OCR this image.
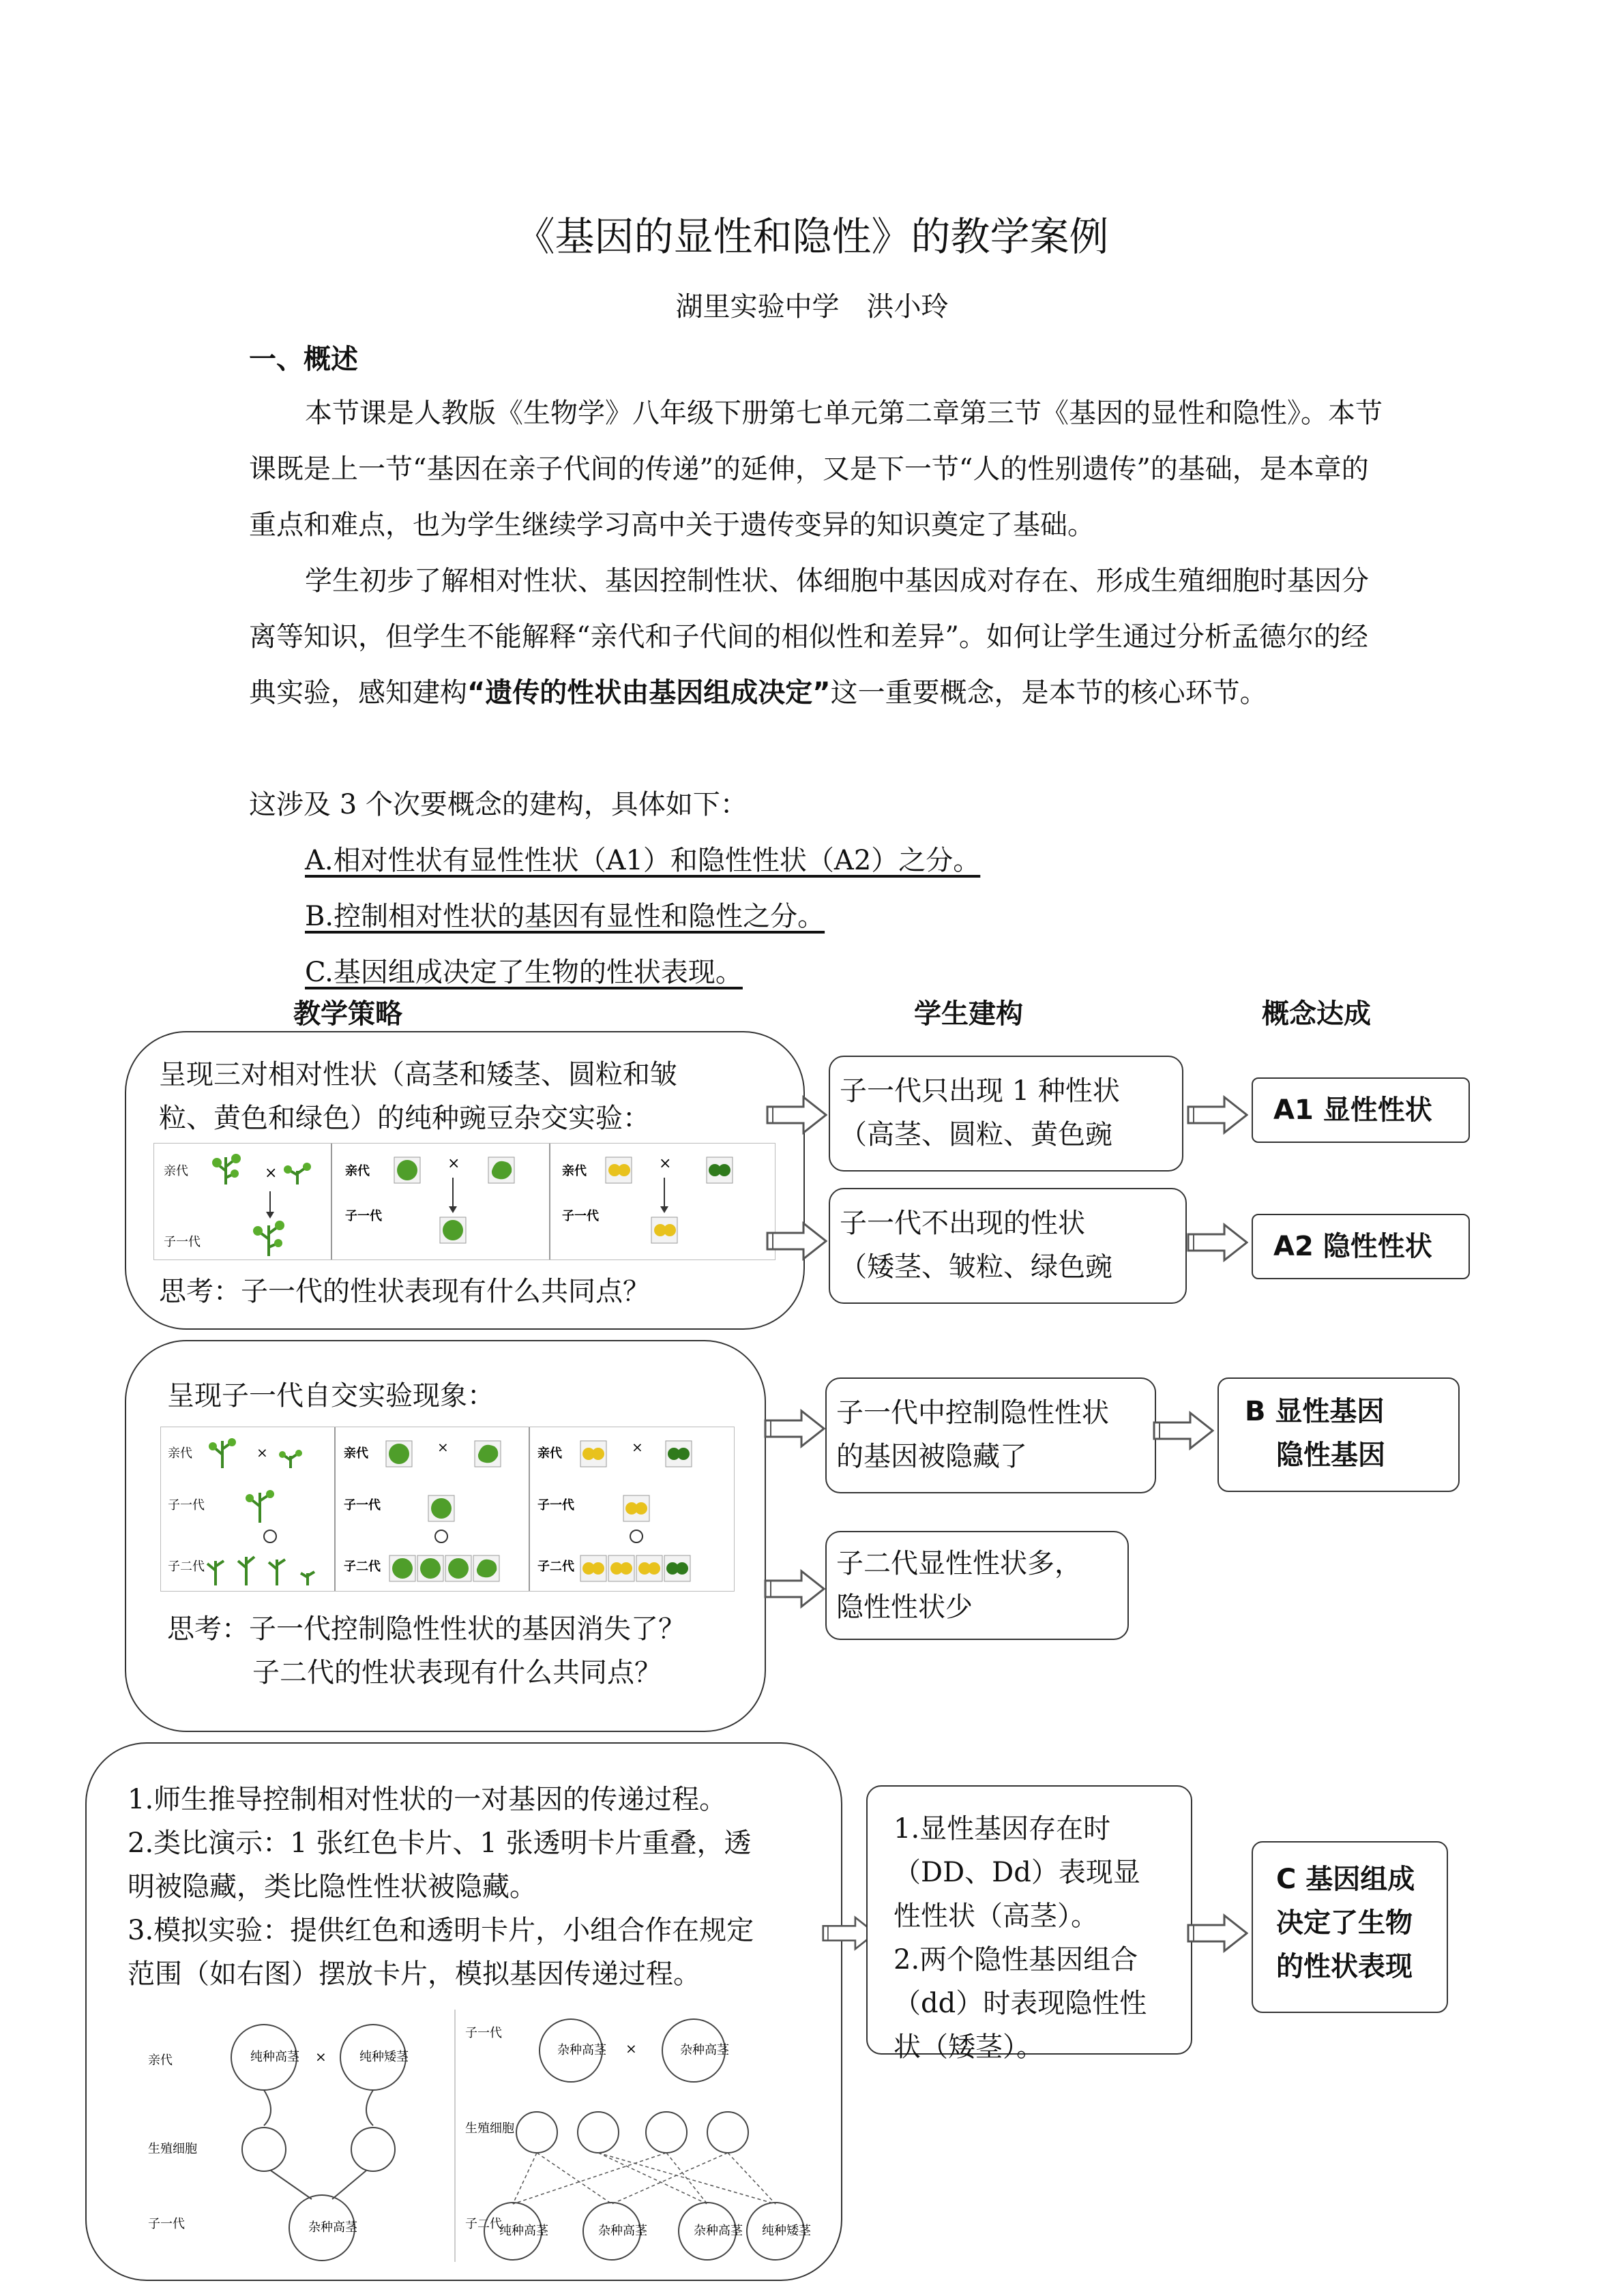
《基因的显性和隐性》的教学案例
湖里实验中学　洪小玲
一、概述
本节课是人教版《生物学》八年级下册第七单元第二章第三节《基因的显性和隐性》。本节课既是上一节“基因在亲子代间的传递”的延伸，又是下一节“人的性别遗传”的基础，是本章的重点和难点，也为学生继续学习高中关于遗传变异的知识奠定了基础。
学生初步了解相对性状、基因控制性状、体细胞中基因成对存在、形成生殖细胞时基因分离等知识，但学生不能解释“亲代和子代间的相似性和差异”。如何让学生通过分析孟德尔的经典实验，感知建构“遗传的性状由基因组成决定”这一重要概念，是本节的核心环节。
这涉及 3 个次要概念的建构，具体如下：
A.相对性状有显性性状（A1）和隐性性状（A2）之分。
B.控制相对性状的基因有显性和隐性之分。
C.基因组成决定了生物的性状表现。
教学策略	学生建构	概念达成
呈现三对相对性状（高茎和矮茎、圆粒和皱
粒、黄色和绿色）的纯种豌豆杂交实验：
亲代
子一代
×	亲代
子一代
×	亲代
子一代
×
思考：子一代的性状表现有什么共同点？
子一代只出现 1 种性状
（高茎、圆粒、黄色豌
子一代不出现的性状
（矮茎、皱粒、绿色豌
A1 显性性状
A2 隐性性状
呈现子一代自交实验现象：
亲代
子一代
子二代
×	亲代
子一代
子二代
×	亲代
子一代
子二代
×
思考：子一代控制隐性性状的基因消失了？
子二代的性状表现有什么共同点？
子一代中控制隐性性状
的基因被隐藏了
子二代显性性状多，
隐性性状少
B 显性基因
隐性基因
1.师生推导控制相对性状的一对基因的传递过程。
2.类比演示：1 张红色卡片、1 张透明卡片重叠，透
明被隐藏，类比隐性性状被隐藏。
3.模拟实验：提供红色和透明卡片，小组合作在规定
范围（如右图）摆放卡片，模拟基因传递过程。
亲代
生殖细胞
子一代
纯种高茎 ×	纯种矮茎
杂种高茎
子一代
生殖细胞
子二代
杂种高茎 ×	杂种高茎
纯种高茎	杂种高茎	杂种高茎 纯种矮茎
1.显性基因存在时
（DD、Dd）表现显
性性状（高茎）。
2.两个隐性基因组合
（dd）时表现隐性性
状（矮茎）。
C 基因组成
决定了生物
的性状表现
